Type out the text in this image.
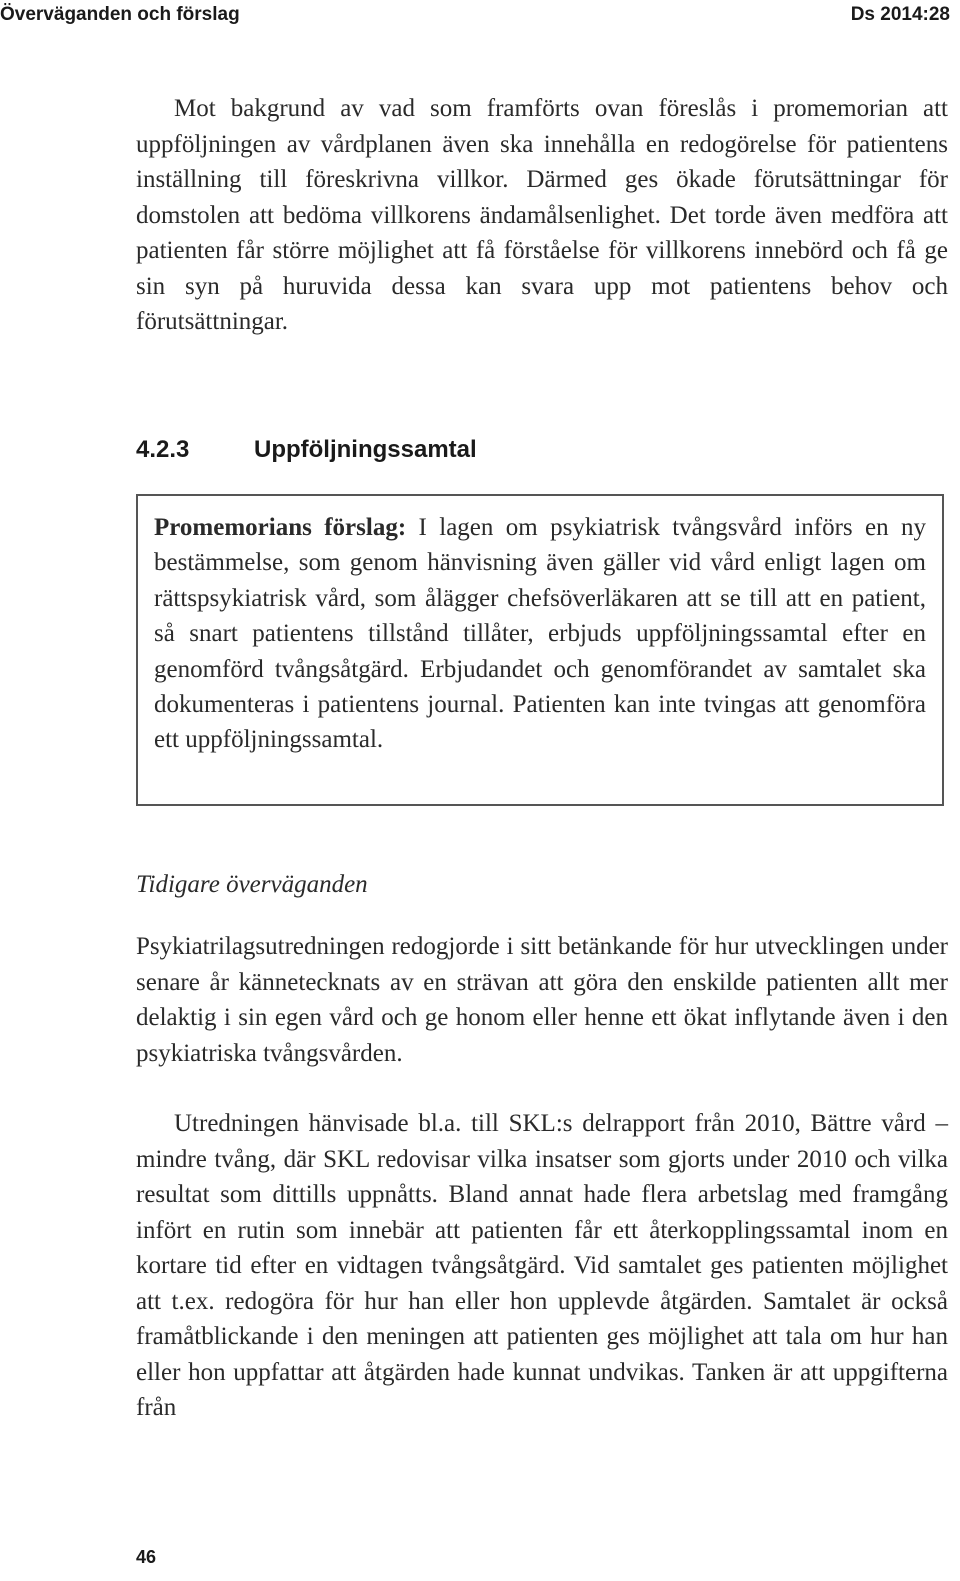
Överväganden och förslag	Ds 2014:28

Mot bakgrund av vad som framförts ovan föreslås i promemorian att uppföljningen av vårdplanen även ska innehålla en redogörelse för patientens inställning till föreskrivna villkor. Därmed ges ökade förutsättningar för domstolen att bedöma villkorens ändamålsenlighet. Det torde även medföra att patienten får större möjlighet att få förståelse för villkorens innebörd och få ge sin syn på huruvida dessa kan svara upp mot patientens behov och förutsättningar.

4.2.3	Uppföljningssamtal

Promemorians förslag: I lagen om psykiatrisk tvångsvård införs en ny bestämmelse, som genom hänvisning även gäller vid vård enligt lagen om rättspsykiatrisk vård, som ålägger chefsöverläkaren att se till att en patient, så snart patientens tillstånd tillåter, erbjuds uppföljningssamtal efter en genomförd tvångsåtgärd. Erbjudandet och genomförandet av samtalet ska dokumenteras i patientens journal. Patienten kan inte tvingas att genomföra ett uppföljningssamtal.

Tidigare överväganden

Psykiatrilagsutredningen redogjorde i sitt betänkande för hur utvecklingen under senare år kännetecknats av en strävan att göra den enskilde patienten allt mer delaktig i sin egen vård och ge honom eller henne ett ökat inflytande även i den psykiatriska tvångsvården.

Utredningen hänvisade bl.a. till SKL:s delrapport från 2010, Bättre vård – mindre tvång, där SKL redovisar vilka insatser som gjorts under 2010 och vilka resultat som dittills uppnåtts. Bland annat hade flera arbetslag med framgång infört en rutin som innebär att patienten får ett återkopplingssamtal inom en kortare tid efter en vidtagen tvångsåtgärd. Vid samtalet ges patienten möjlighet att t.ex. redogöra för hur han eller hon upplevde åtgärden. Samtalet är också framåtblickande i den meningen att patienten ges möjlighet att tala om hur han eller hon uppfattar att åtgärden hade kunnat undvikas. Tanken är att uppgifterna från

46
